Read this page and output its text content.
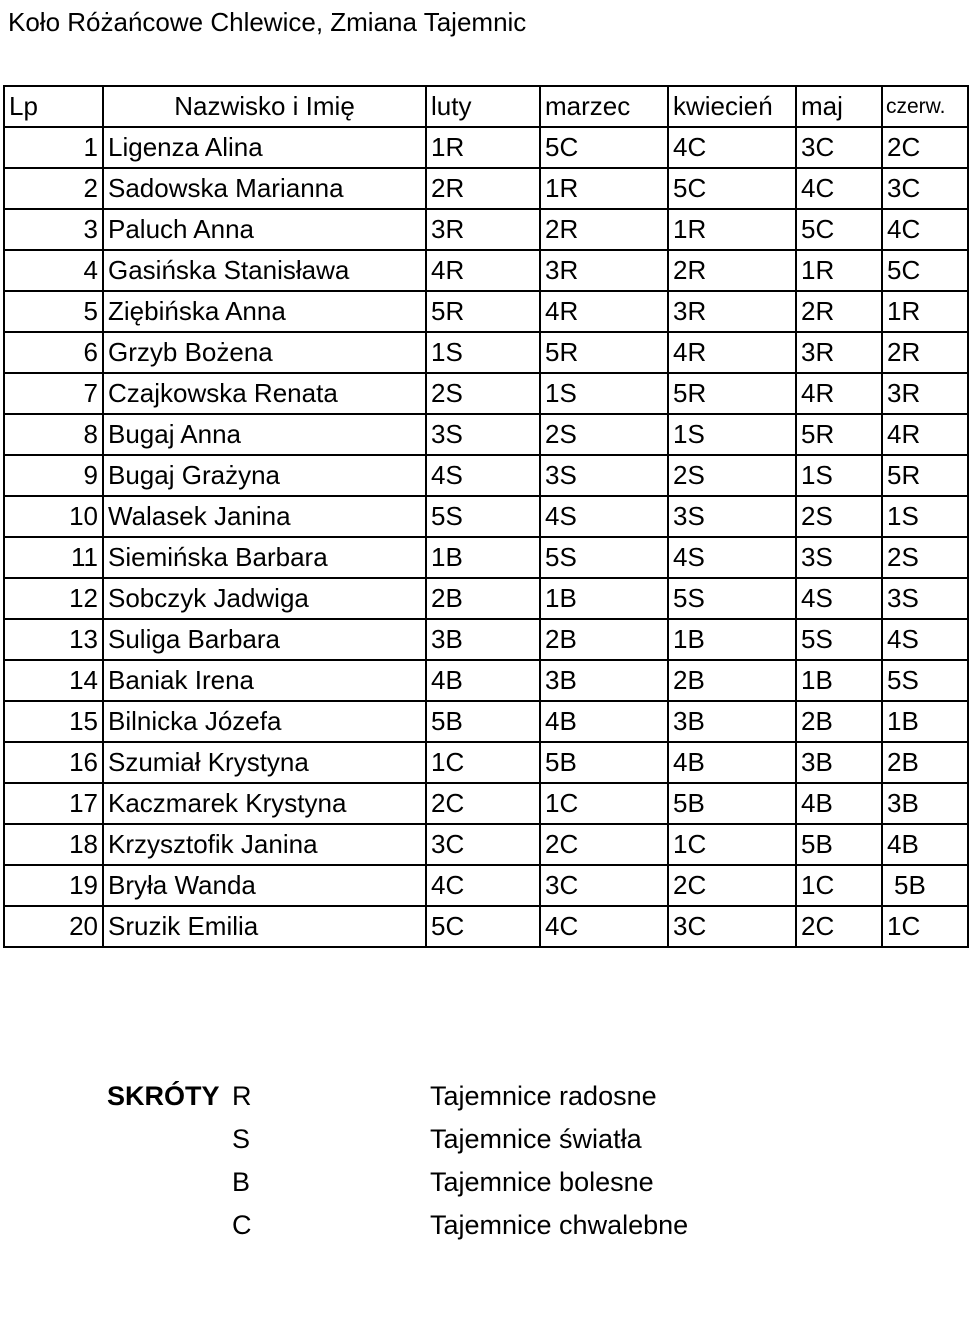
Koło Różańcowe Chlewice, Zmiana Tajemnic
Lp	Nazwisko i Imię	luty	marzec	kwiecień	maj	czerw.
1	Ligenza Alina	1R	5C	4C	3C	2C
2	Sadowska Marianna	2R	1R	5C	4C	3C
3	Paluch Anna	3R	2R	1R	5C	4C
4	Gasińska Stanisława	4R	3R	2R	1R	5C
5	Ziębińska Anna	5R	4R	3R	2R	1R
6	Grzyb Bożena	1S	5R	4R	3R	2R
7	Czajkowska Renata	2S	1S	5R	4R	3R
8	Bugaj Anna	3S	2S	1S	5R	4R
9	Bugaj Grażyna	4S	3S	2S	1S	5R
10	Walasek Janina	5S	4S	3S	2S	1S
11	Siemińska Barbara	1B	5S	4S	3S	2S
12	Sobczyk Jadwiga	2B	1B	5S	4S	3S
13	Suliga Barbara	3B	2B	1B	5S	4S
14	Baniak Irena	4B	3B	2B	1B	5S
15	Bilnicka Józefa	5B	4B	3B	2B	1B
16	Szumiał Krystyna	1C	5B	4B	3B	2B
17	Kaczmarek Krystyna	2C	1C	5B	4B	3B
18	Krzysztofik Janina	3C	2C	1C	5B	4B
19	Bryła Wanda	4C	3C	2C	1C	5B
20	Sruzik Emilia	5C	4C	3C	2C	1C
SKRÓTY R	Tajemnice radosne
S	Tajemnice światła
B	Tajemnice bolesne
C	Tajemnice chwalebne
